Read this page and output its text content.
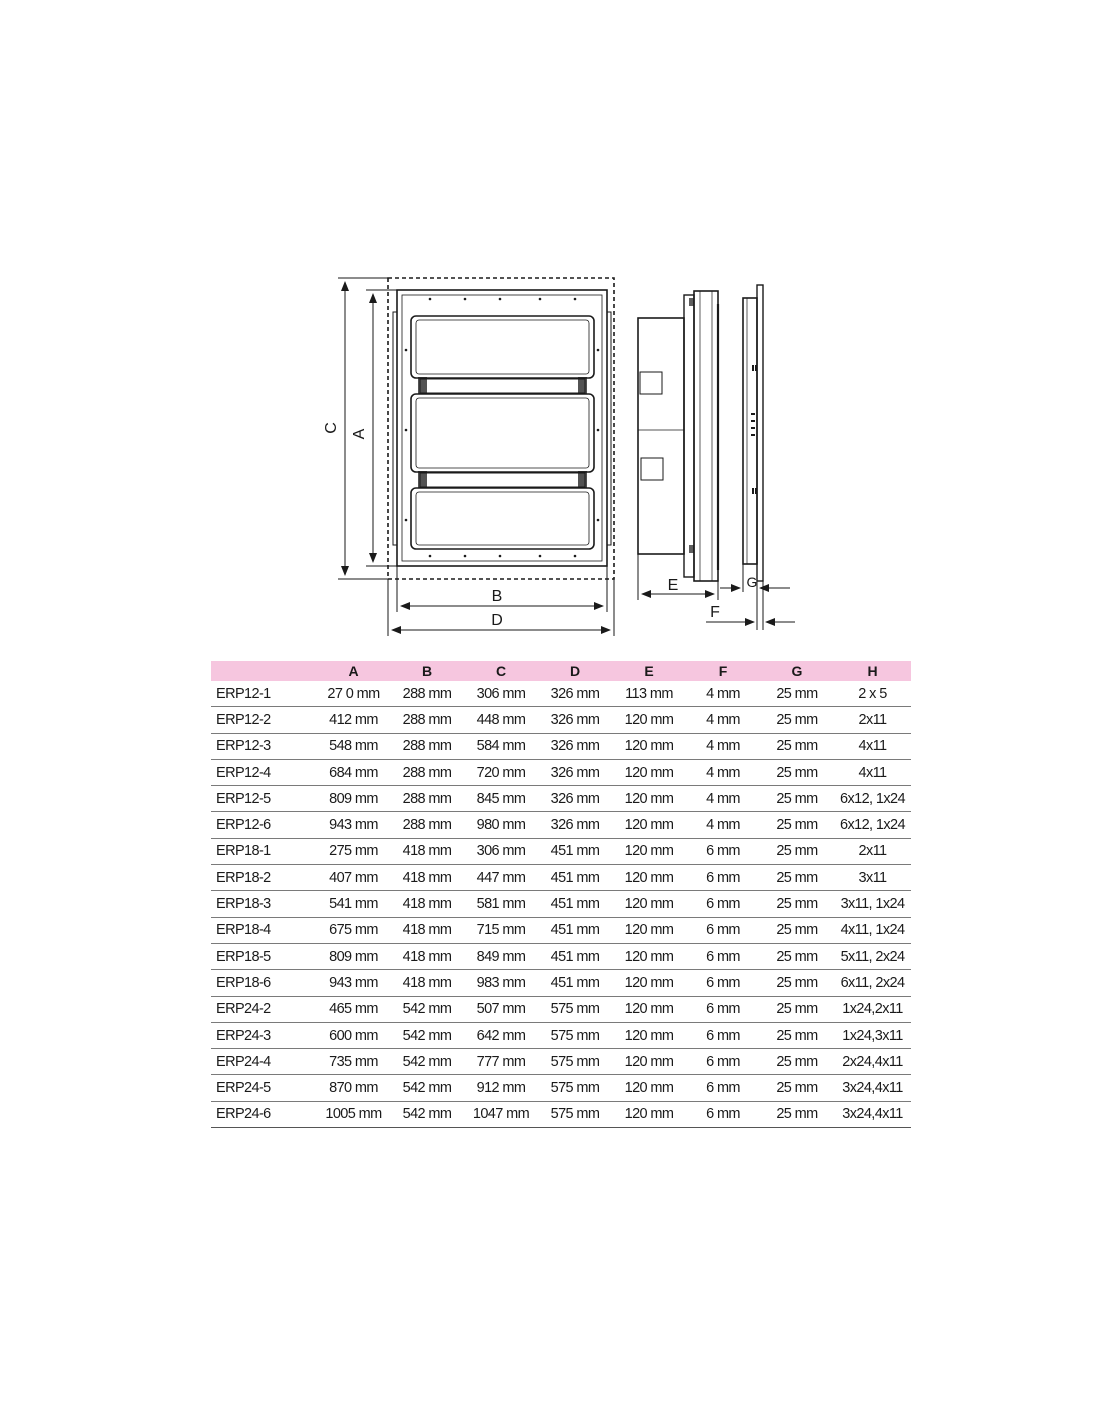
C
A
B
D
E	G
F
	A	B	C	D	E	F	G	H
ERP12-1	27 0 mm	288 mm	306 mm	326 mm	113 mm	4 mm	25 mm	2 x 5
ERP12-2	412 mm	288 mm	448 mm	326 mm	120 mm	4 mm	25 mm	2x11
ERP12-3	548 mm	288 mm	584 mm	326 mm	120 mm	4 mm	25 mm	4x11
ERP12-4	684 mm	288 mm	720 mm	326 mm	120 mm	4 mm	25 mm	4x11
ERP12-5	809 mm	288 mm	845 mm	326 mm	120 mm	4 mm	25 mm	6x12, 1x24
ERP12-6	943 mm	288 mm	980 mm	326 mm	120 mm	4 mm	25 mm	6x12, 1x24
ERP18-1	275 mm	418 mm	306 mm	451 mm	120 mm	6 mm	25 mm	2x11
ERP18-2	407 mm	418 mm	447 mm	451 mm	120 mm	6 mm	25 mm	3x11
ERP18-3	541 mm	418 mm	581 mm	451 mm	120 mm	6 mm	25 mm	3x11, 1x24
ERP18-4	675 mm	418 mm	715 mm	451 mm	120 mm	6 mm	25 mm	4x11, 1x24
ERP18-5	809 mm	418 mm	849 mm	451 mm	120 mm	6 mm	25 mm	5x11, 2x24
ERP18-6	943 mm	418 mm	983 mm	451 mm	120 mm	6 mm	25 mm	6x11, 2x24
ERP24-2	465 mm	542 mm	507 mm	575 mm	120 mm	6 mm	25 mm	1x24,2x11
ERP24-3	600 mm	542 mm	642 mm	575 mm	120 mm	6 mm	25 mm	1x24,3x11
ERP24-4	735 mm	542 mm	777 mm	575 mm	120 mm	6 mm	25 mm	2x24,4x11
ERP24-5	870 mm	542 mm	912 mm	575 mm	120 mm	6 mm	25 mm	3x24,4x11
ERP24-6	1005 mm	542 mm	1047 mm	575 mm	120 mm	6 mm	25 mm	3x24,4x11
